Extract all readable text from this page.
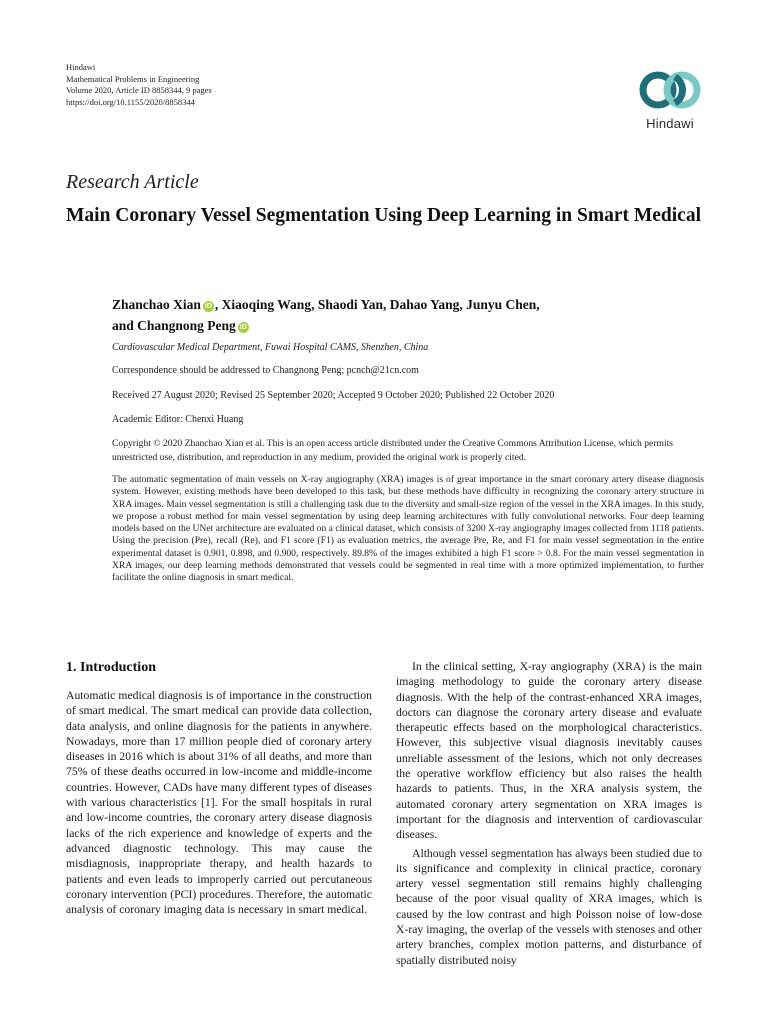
Hindawi
Mathematical Problems in Engineering
Volume 2020, Article ID 8858344, 9 pages
https://doi.org/10.1155/2020/8858344
Hindawi
Research Article
Main Coronary Vessel Segmentation Using Deep Learning in Smart Medical
Zhanchao Xian iD , Xiaoqing Wang, Shaodi Yan, Dahao Yang, Junyu Chen,
and Changnong Peng iD
Cardiovascular Medical Department, Fuwai Hospital CAMS, Shenzhen, China
Correspondence should be addressed to Changnong Peng; pcnch@21cn.com
Received 27 August 2020; Revised 25 September 2020; Accepted 9 October 2020; Published 22 October 2020
Academic Editor: Chenxi Huang
Copyright © 2020 Zhanchao Xian et al. This is an open access article distributed under the Creative Commons Attribution License, which permits unrestricted use, distribution, and reproduction in any medium, provided the original work is properly cited.
The automatic segmentation of main vessels on X-ray angiography (XRA) images is of great importance in the smart coronary artery disease diagnosis system. However, existing methods have been developed to this task, but these methods have difficulty in recognizing the coronary artery structure in XRA images. Main vessel segmentation is still a challenging task due to the diversity and small-size region of the vessel in the XRA images. In this study, we propose a robust method for main vessel segmentation by using deep learning architectures with fully convolutional networks. Four deep learning models based on the UNet architecture are evaluated on a clinical dataset, which consists of 3200 X-ray angiography images collected from 1118 patients. Using the precision (Pre), recall (Re), and F1 score (F1) as evaluation metrics, the average Pre, Re, and F1 for main vessel segmentation in the entire experimental dataset is 0.901, 0.898, and 0.900, respectively. 89.8% of the images exhibited a high F1 score > 0.8. For the main vessel segmentation in XRA images, our deep learning methods demonstrated that vessels could be segmented in real time with a more optimized implementation, to further facilitate the online diagnosis in smart medical.
1. Introduction

Automatic medical diagnosis is of importance in the construction of smart medical. The smart medical can provide data collection, data analysis, and online diagnosis for the patients in anywhere. Nowadays, more than 17 million people died of coronary artery diseases in 2016 which is about 31% of all deaths, and more than 75% of these deaths occurred in low-income and middle-income countries. However, CADs have many different types of diseases with various characteristics [1]. For the small hospitals in rural and low-income countries, the coronary artery disease diagnosis lacks of the rich experience and knowledge of experts and the advanced diagnostic technology. This may cause the misdiagnosis, inappropriate therapy, and health hazards to patients and even leads to improperly carried out percutaneous coronary intervention (PCI) procedures. Therefore, the automatic analysis of coronary imaging data is necessary in smart medical.

In the clinical setting, X-ray angiography (XRA) is the main imaging methodology to guide the coronary artery disease diagnosis. With the help of the contrast-enhanced XRA images, doctors can diagnose the coronary artery disease and evaluate therapeutic effects based on the morphological characteristics. However, this subjective visual diagnosis inevitably causes unreliable assessment of the lesions, which not only decreases the operative workflow efficiency but also raises the health hazards to patients. Thus, in the XRA analysis system, the automated coronary artery segmentation on XRA images is important for the diagnosis and intervention of cardiovascular diseases.

Although vessel segmentation has always been studied due to its significance and complexity in clinical practice, coronary artery vessel segmentation still remains highly challenging because of the poor visual quality of XRA images, which is caused by the low contrast and high Poisson noise of low-dose X-ray imaging, the overlap of the vessels with stenoses and other artery branches, complex motion patterns, and disturbance of spatially distributed noisy
